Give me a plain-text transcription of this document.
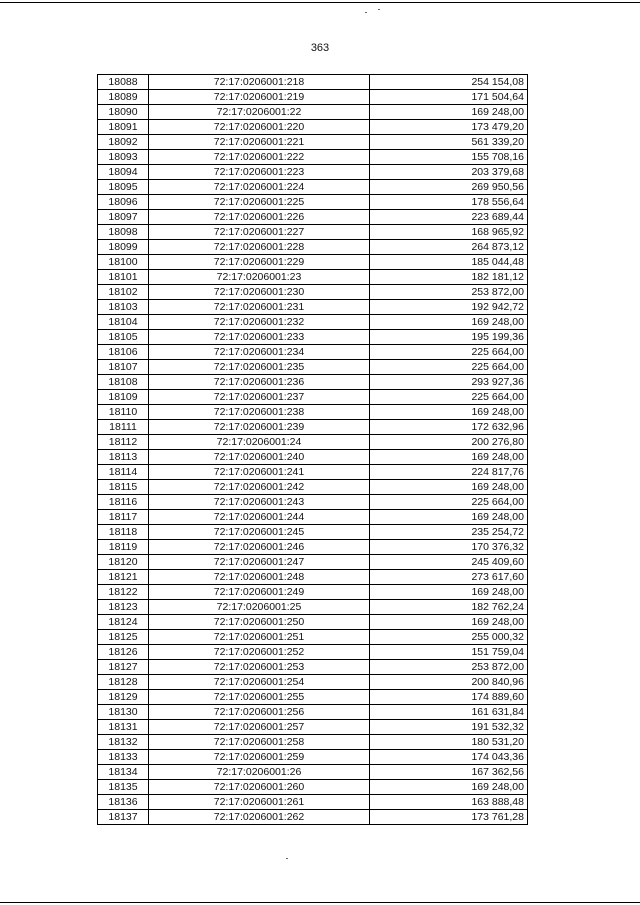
363
18088	72:17:0206001:218	254 154,08
18089	72:17:0206001:219	171 504,64
18090	72:17:0206001:22	169 248,00
18091	72:17:0206001:220	173 479,20
18092	72:17:0206001:221	561 339,20
18093	72:17:0206001:222	155 708,16
18094	72:17:0206001:223	203 379,68
18095	72:17:0206001:224	269 950,56
18096	72:17:0206001:225	178 556,64
18097	72:17:0206001:226	223 689,44
18098	72:17:0206001:227	168 965,92
18099	72:17:0206001:228	264 873,12
18100	72:17:0206001:229	185 044,48
18101	72:17:0206001:23	182 181,12
18102	72:17:0206001:230	253 872,00
18103	72:17:0206001:231	192 942,72
18104	72:17:0206001:232	169 248,00
18105	72:17:0206001:233	195 199,36
18106	72:17:0206001:234	225 664,00
18107	72:17:0206001:235	225 664,00
18108	72:17:0206001:236	293 927,36
18109	72:17:0206001:237	225 664,00
18110	72:17:0206001:238	169 248,00
18111	72:17:0206001:239	172 632,96
18112	72:17:0206001:24	200 276,80
18113	72:17:0206001:240	169 248,00
18114	72:17:0206001:241	224 817,76
18115	72:17:0206001:242	169 248,00
18116	72:17:0206001:243	225 664,00
18117	72:17:0206001:244	169 248,00
18118	72:17:0206001:245	235 254,72
18119	72:17:0206001:246	170 376,32
18120	72:17:0206001:247	245 409,60
18121	72:17:0206001:248	273 617,60
18122	72:17:0206001:249	169 248,00
18123	72:17:0206001:25	182 762,24
18124	72:17:0206001:250	169 248,00
18125	72:17:0206001:251	255 000,32
18126	72:17:0206001:252	151 759,04
18127	72:17:0206001:253	253 872,00
18128	72:17:0206001:254	200 840,96
18129	72:17:0206001:255	174 889,60
18130	72:17:0206001:256	161 631,84
18131	72:17:0206001:257	191 532,32
18132	72:17:0206001:258	180 531,20
18133	72:17:0206001:259	174 043,36
18134	72:17:0206001:26	167 362,56
18135	72:17:0206001:260	169 248,00
18136	72:17:0206001:261	163 888,48
18137	72:17:0206001:262	173 761,28
